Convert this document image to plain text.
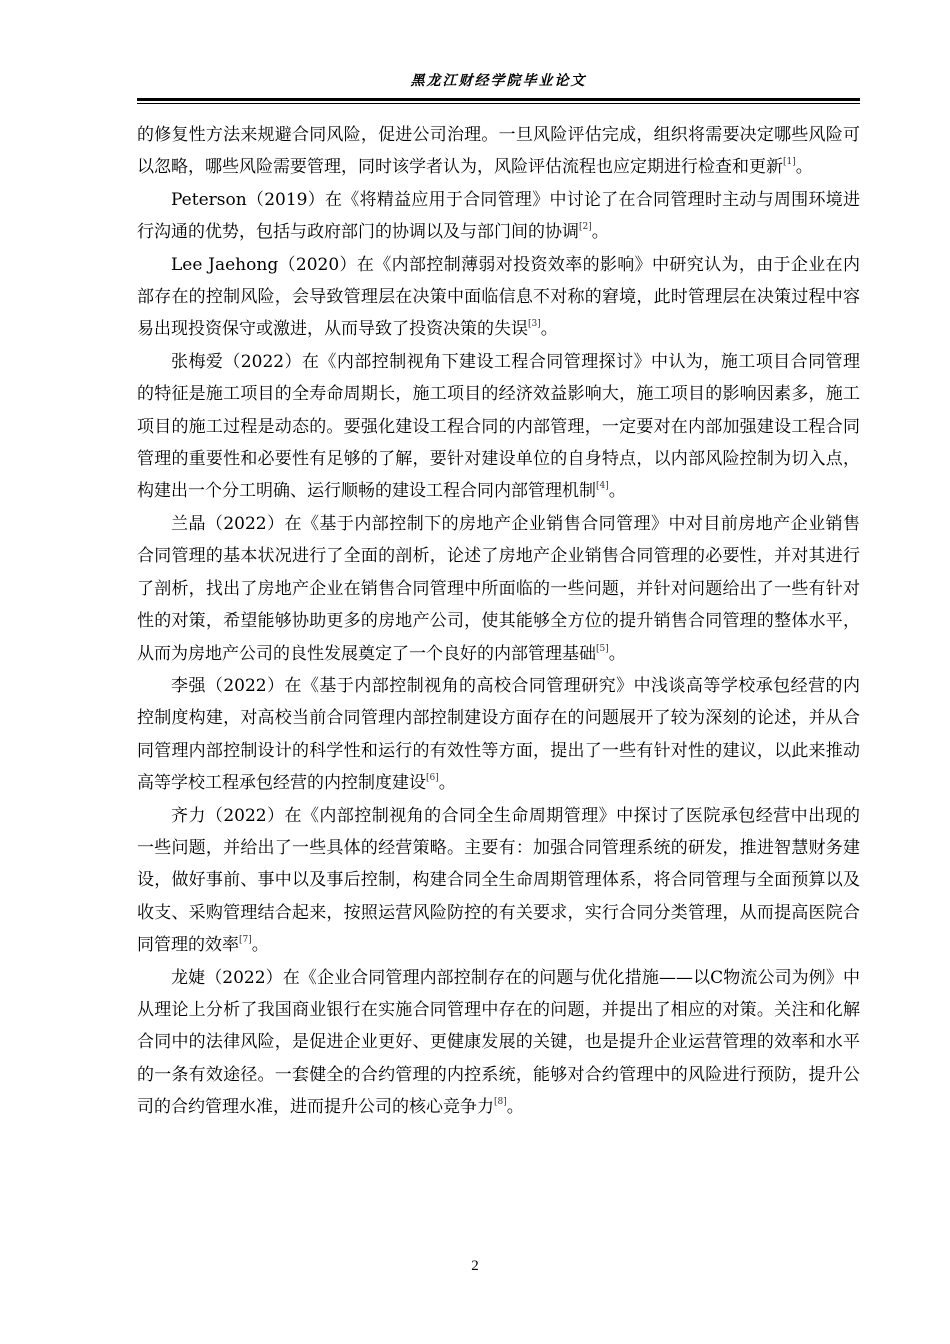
黑龙江财经学院毕业论文

的修复性方法来规避合同风险，促进公司治理。一旦风险评估完成，组织将需要决定哪些风险可以忽略，哪些风险需要管理，同时该学者认为，风险评估流程也应定期进行检查和更新[1]。

Peterson（2019）在《将精益应用于合同管理》中讨论了在合同管理时主动与周围环境进行沟通的优势，包括与政府部门的协调以及与部门间的协调[2]。

Lee Jaehong（2020）在《内部控制薄弱对投资效率的影响》中研究认为，由于企业在内部存在的控制风险，会导致管理层在决策中面临信息不对称的窘境，此时管理层在决策过程中容易出现投资保守或激进，从而导致了投资决策的失误[3]。

张梅爱（2022）在《内部控制视角下建设工程合同管理探讨》中认为，施工项目合同管理的特征是施工项目的全寿命周期长，施工项目的经济效益影响大，施工项目的影响因素多，施工项目的施工过程是动态的。要强化建设工程合同的内部管理，一定要对在内部加强建设工程合同管理的重要性和必要性有足够的了解，要针对建设单位的自身特点，以内部风险控制为切入点，构建出一个分工明确、运行顺畅的建设工程合同内部管理机制[4]。

兰晶（2022）在《基于内部控制下的房地产企业销售合同管理》中对目前房地产企业销售合同管理的基本状况进行了全面的剖析，论述了房地产企业销售合同管理的必要性，并对其进行了剖析，找出了房地产企业在销售合同管理中所面临的一些问题，并针对问题给出了一些有针对性的对策，希望能够协助更多的房地产公司，使其能够全方位的提升销售合同管理的整体水平，从而为房地产公司的良性发展奠定了一个良好的内部管理基础[5]。

李强（2022）在《基于内部控制视角的高校合同管理研究》中浅谈高等学校承包经营的内控制度构建，对高校当前合同管理内部控制建设方面存在的问题展开了较为深刻的论述，并从合同管理内部控制设计的科学性和运行的有效性等方面，提出了一些有针对性的建议，以此来推动高等学校工程承包经营的内控制度建设[6]。

齐力（2022）在《内部控制视角的合同全生命周期管理》中探讨了医院承包经营中出现的一些问题，并给出了一些具体的经营策略。主要有：加强合同管理系统的研发，推进智慧财务建设，做好事前、事中以及事后控制，构建合同全生命周期管理体系，将合同管理与全面预算以及收支、采购管理结合起来，按照运营风险防控的有关要求，实行合同分类管理，从而提高医院合同管理的效率[7]。

龙婕（2022）在《企业合同管理内部控制存在的问题与优化措施——以C物流公司为例》中从理论上分析了我国商业银行在实施合同管理中存在的问题，并提出了相应的对策。关注和化解合同中的法律风险，是促进企业更好、更健康发展的关键，也是提升企业运营管理的效率和水平的一条有效途径。一套健全的合约管理的内控系统，能够对合约管理中的风险进行预防，提升公司的合约管理水准，进而提升公司的核心竞争力[8]。

2
